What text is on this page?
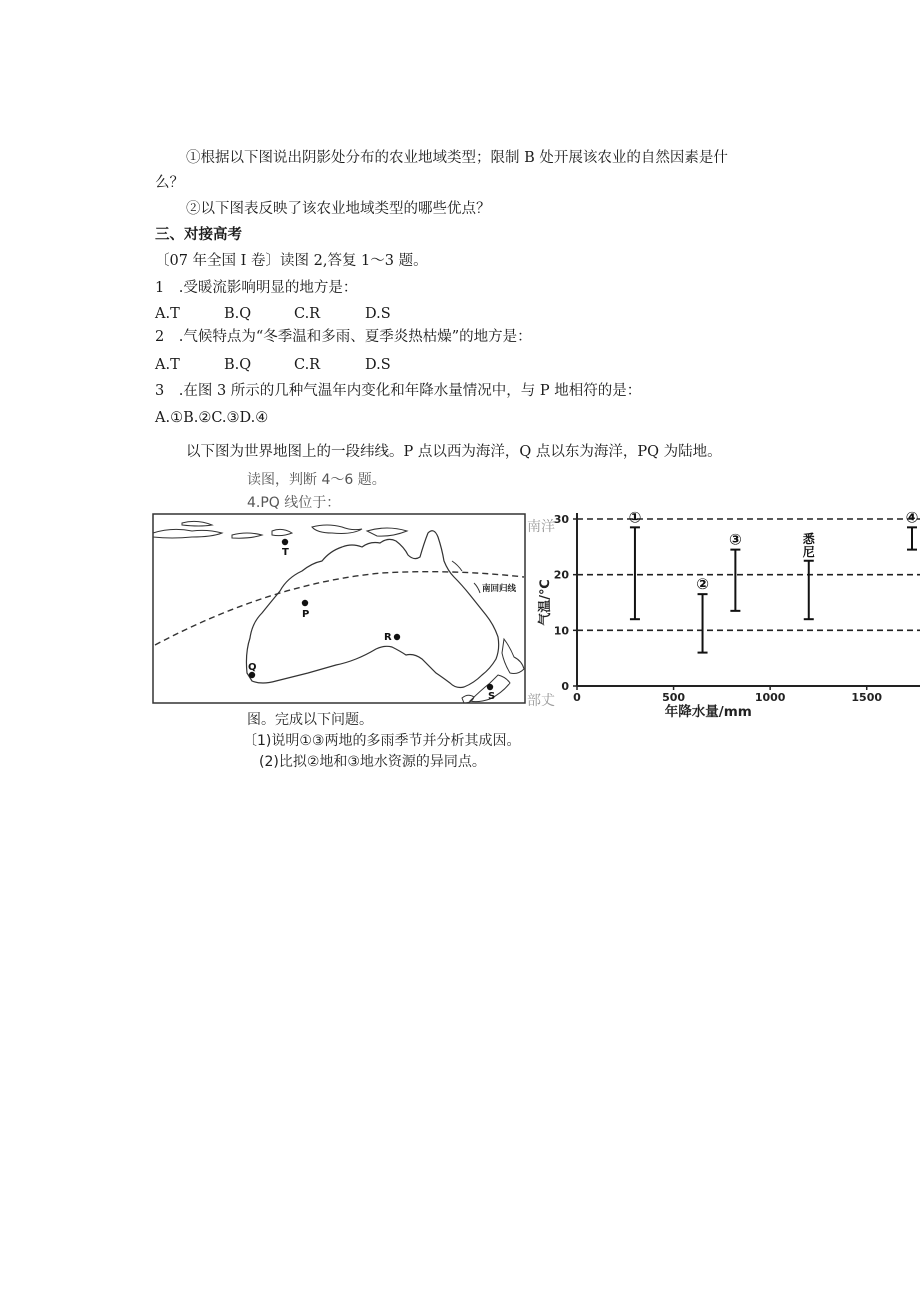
①根据以下图说出阴影处分布的农业地域类型；限制 B 处开展该农业的自然因素是什
么？
②以下图表反映了该农业地域类型的哪些优点？
三、对接高考
〔07 年全国 I 卷〕读图 2,答复 1～3 题。
1　.受暖流影响明显的地方是：
A.T	B.Q	C.R	D.S
2　.气候特点为“冬季温和多雨、夏季炎热枯燥”的地方是：
A.T	B.Q	C.R	D.S
3　.在图 3 所示的几种气温年内变化和年降水量情况中，与 P 地相符的是：
A.①B.②C.③D.④
以下图为世界地图上的一段纬线。P 点以西为海洋，Q 点以东为海洋，PQ 为陆地。
读图，判断 4～6 题。
4.PQ 线位于：
南回归线
T
P
R
Q
S
南洋
部𠀋
0
10
20
30
0	500	1000	1500
年降水量/mm
气温/℃
①
②
③	悉
尼
④
图。完成以下问题。
〔1)说明①③两地的多雨季节并分析其成因。
(2)比拟②地和③地水资源的异同点。
